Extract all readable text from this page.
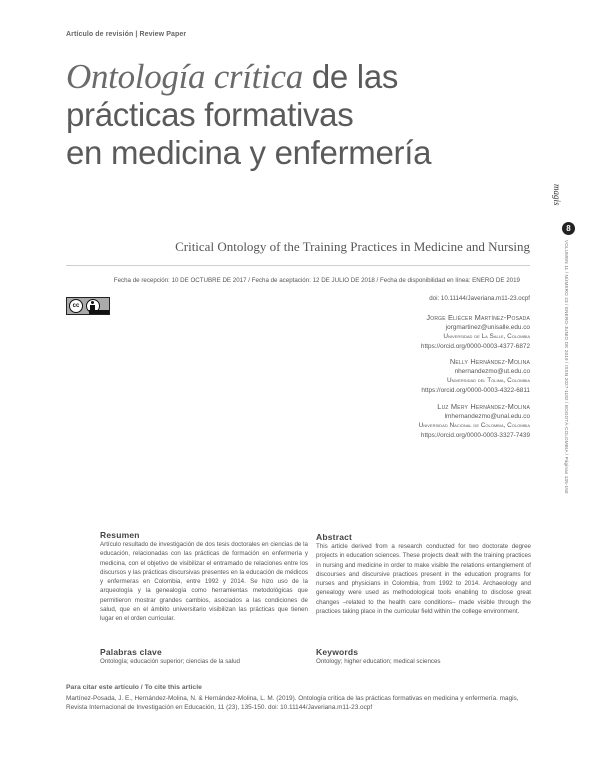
Artículo de revisión | Review Paper
Ontología crítica de las
prácticas formativas
en medicina y enfermería
Critical Ontology of the Training Practices in Medicine and Nursing
Fecha de recepción: 10 DE OCTUBRE DE 2017 / Fecha de aceptación: 12 DE JULIO DE 2018 / Fecha de disponibilidad en línea: ENERO DE 2019
doi: 10.11144/Javeriana.m11-23.ocpf
cc
Jorge Eliécer Martínez-Posada
jorgmartinez@unisalle.edu.co
Universidad de La Salle, Colombia
https://orcid.org/0000-0003-4377-6872
Nelly Hernández-Molina
nhernandezmo@ut.edu.co
Universidad del Tolima, Colombia
https://orcid.org/0000-0003-4322-6811
Luz Mery Hernández-Molina
lmhernandezmo@unal.edu.co
Universidad Nacional de Colombia, Colombia
https://orcid.org/0000-0003-3327-7439
magis
8
VOLUMEN 11 / NÚMERO 23 / ENERO-JUNIO DE 2019 / ISSN 2027-1182 / BOGOTÁ-COLOMBIA / Páginas 135-150
Resumen
Artículo resultado de investigación de dos tesis doctorales en ciencias de la educación, relacionadas con las prácticas de formación en enfermería y medicina, con el objetivo de visibilizar el entramado de relaciones entre los discursos y las prácticas discursivas presentes en la educación de médicos y enfermeras en Colombia, entre 1992 y 2014. Se hizo uso de la arqueología y la genealogía como herramientas metodológicas que permitieron mostrar grandes cambios, asociados a las condiciones de salud, que en el ámbito universitario visibilizan las prácticas que tienen lugar en el orden curricular.
Palabras clave
Ontología; educación superior; ciencias de la salud
Abstract
This article derived from a research conducted for two doctorate degree projects in education sciences. These projects dealt with the training practices in nursing and medicine in order to make visible the relations entanglement of discourses and discursive practices present in the education programs for nurses and physicians in Colombia, from 1992 to 2014. Archaeology and genealogy were used as methodological tools enabling to disclose great changes –related to the health care conditions– made visible through the practices taking place in the curricular field within the college environment.
Keywords
Ontology; higher education; medical sciences
Para citar este artículo / To cite this article
Martínez-Posada, J. E., Hernández-Molina, N. & Hernández-Molina, L. M. (2019). Ontología crítica de las prácticas formativas en medicina y enfermería. magis, Revista Internacional de Investigación en Educación, 11 (23), 135-150. doi: 10.11144/Javeriana.m11-23.ocpf
